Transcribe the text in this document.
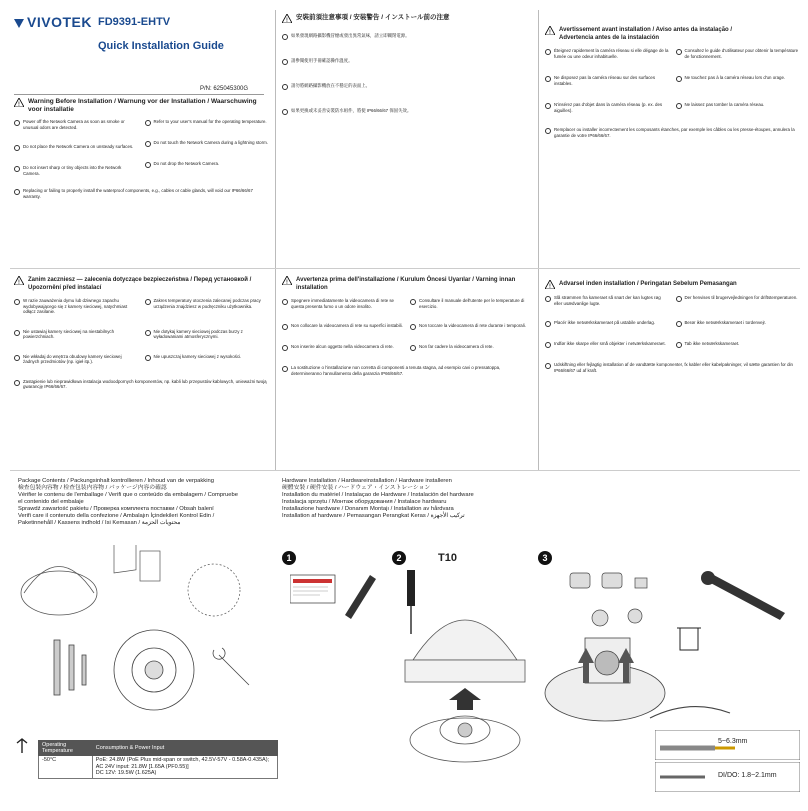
VIVOTEK FD9391-EHTV
Quick Installation Guide
P/N: 625045300G
! Warning Before Installation / Warnung vor der Installation / Waarschuwing
voor installatie
Power off the Network Camera as soon as smoke or unusual odors are detected.
Do not place the Network Camera on unsteady surfaces.
Do not insert sharp or tiny objects into the Network Camera.
Refer to your user's manual for the operating temperature.
Do not touch the Network Camera during a lightning storm.
Do not drop the Network Camera.
Replacing or failing to properly install the waterproof components, e.g., cables or cable glands, will void our IP66/66/67 warranty.
! 安裝前須注意事項 / 安装警告 / インストール前の注意
如果發現網路攝影機冒煙或發出異常氣味，請立即關閉電源。
請參閱使用手冊確認操作溫度。
請勿將網路攝影機放在不穩定的表面上。
如果更換或未妥善安裝防水組件，將使 IP66/66/67 保固失效。
! Avertissement avant installation / Aviso antes da instalação /
Advertencia antes de la instalación
Éteignez rapidement la caméra réseau si elle dégage de la fumée ou une odeur inhabituelle.
Consultez le guide d'utilisateur pour obtenir la température de fonctionnement.
Ne disposez pas la caméra réseau sur des surfaces instables.
Ne touchez pas à la caméra réseau lors d'un orage.
N'insérez pas d'objet dans la caméra réseau (p. ex. des aiguilles).
Ne laissez pas tomber la caméra réseau.
Remplacer ou installer incorrectement les composants étanches, par exemple les câbles ou les presse-étoupes, annulera la garantie de votre IP66/66/67.
! Zanim zaczniesz — zalecenia dotyczące bezpieczeństwa / Перед установкой /
Upozornění před instalací
W razie zauważenia dymu lub dziwnego zapachu wydobywającego się z kamery sieciowej, natychmiast odłącz zasilanie.
Zakres temperatury otoczenia zalecanej podczas pracy urządzenia znajdziesz w podręczniku użytkownika.
Nie ustawiaj kamery sieciowej na niestabilnych powierzchniach.
Nie dotykaj kamery sieciowej podczas burzy z wyładowaniami atmosferycznymi.
Nie wkładaj do wnętrza obudowy kamery sieciowej żadnych przedmiotów (np. igieł itp.).
Nie upuszczaj kamery sieciowej z wysokości.
Zastąpienie lub nieprawidłowa instalacja wodoodpornych komponentów, np. kabli lub przepustów kablowych, unieważni twoją gwarancję IP66/66/67.
! Avvertenza prima dell'installazione / Kurulum Öncesi Uyarılar / Varning innan
installation
Spegnere immediatamente la videocamera di rete se questa presenta fumo o un odore insolito.
Consultare il manuale dell'utente per le temperature di esercizio.
Non collocare la videocamera di rete su superfici instabili.	Non toccare la videocamera di rete durante i temporali.
Non inserire alcun oggetto nella videocamera di rete.	Non far cadere la videocamera di rete.
La sostituzione o l'installazione non corretta di componenti a tenuta stagna, ad esempio cavi o pressatoppa, determineranno l'annullamento della garanzia IP66/66/67.
! Advarsel inden installation / Peringatan Sebelum Pemasangan
Slå strømmen fra kameraet så snart der kan lugtes røg eller usædvanlige lugte.
Der henvises til brugervejledningen for driftstemperaturen.
Placér ikke netværkskameraet på ustabile underlag.	Berør ikke netværkskameraet i tordenvejr.
Indfør ikke skarpe eller små objekter i netværkskameraet.	Tab ikke netværkskameraet.
Udskiftning eller fejlagtig installation af de vandtætte komponenter, fx kabler eller kabelpakninger, vil sætte garantien for din IP66/66/67 ud af kraft.
Package Contents / Packungsinhalt kontrollieren / Inhoud van de verpakking
檢查包裝內容物 / 检查包装内容物 / パッケージ内容の確認
Vérifier le contenu de l'emballage / Verifi que o conteúdo da embalagem / Compruebe
el contenido del embalaje
Sprawdź zawartość pakietu / Проверка комплекта поставки / Obsah balení
Verifi care il contenuto della confezione / Ambalajın İçindekileri Kontrol Edin /
Paketinnehåll / Kassens indhold / Isi Kemasan / محتويات الحزمة
Operating Temperature	Consumption & Power Input
-50°C	PoE: 24.8W (PoE Plus mid-span or switch, 42.5V-57V - 0.58A-0.435A); AC 24V input: 21.8W [1.65A (PF0.55)]
DC 12V: 19.5W (1.625A)
Hardware Installation / Hardwareinstallation / Hardware installeren
硬體安裝 / 硬件安装 / ハードウェア・インストレーション
Installation du matériel / Instalaçao de Hardware / Instalación del hardware
Instalacja sprzętu / Монтаж оборудования / Instalace hardwaru
Installazione hardware / Donanım Montajı / Installation av hårdvara
Installation af hardware / Pemasangan Perangkat Keras / تركيب الأجهزة
1	2	3
T10
5~6.3mm
DI/DO: 1.8~2.1mm
